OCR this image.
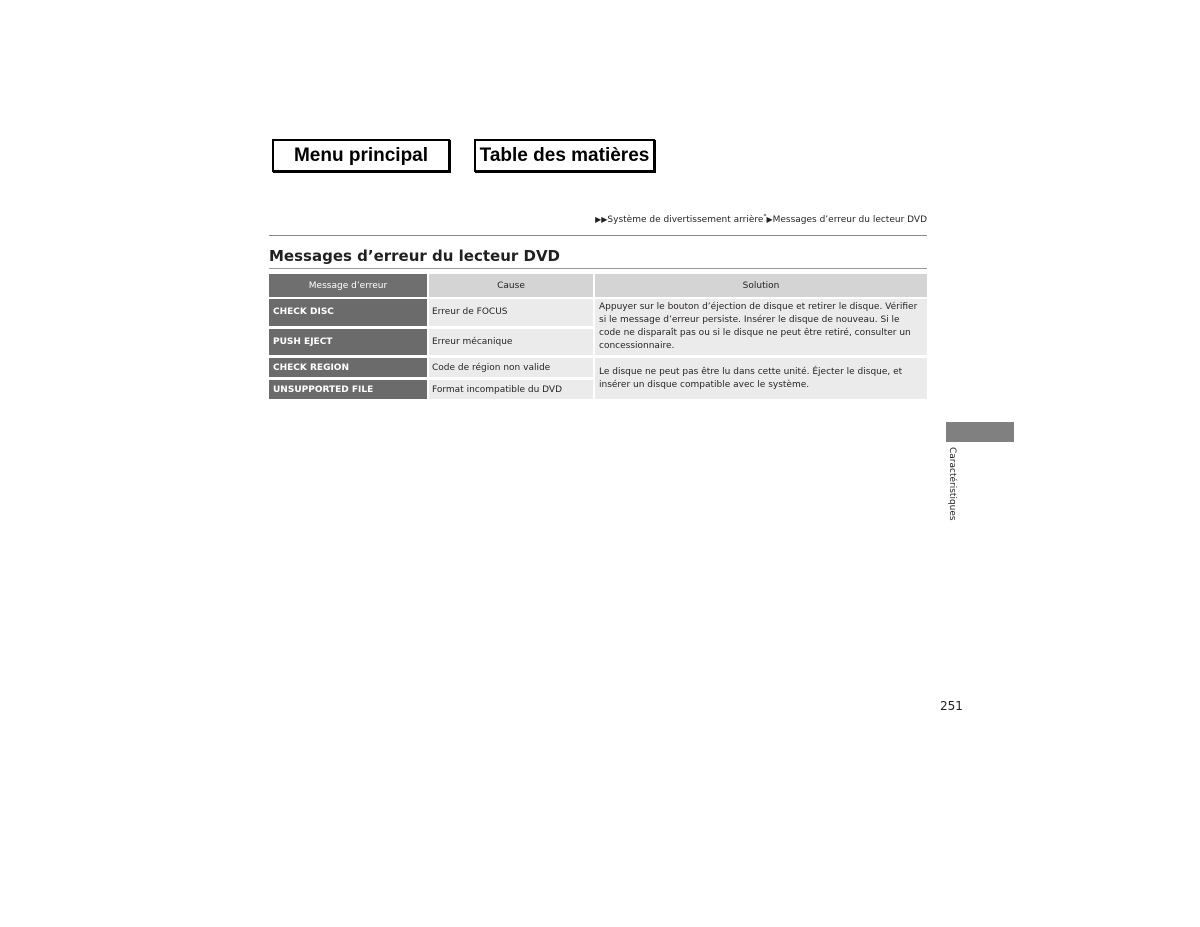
Menu principal	Table des matières
▶▶Système de divertissement arrière*▶Messages d’erreur du lecteur DVD
Messages d’erreur du lecteur DVD
Message d’erreur	Cause	Solution
CHECK DISC	Erreur de FOCUS	Appuyer sur le bouton d’éjection de disque et retirer le disque. Vérifier si le message d’erreur persiste. Insérer le disque de nouveau. Si le code ne disparaît pas ou si le disque ne peut être retiré, consulter un concessionnaire.
PUSH EJECT	Erreur mécanique	
CHECK REGION	Code de région non valide	Le disque ne peut pas être lu dans cette unité. Éjecter le disque, et insérer un disque compatible avec le système.
UNSUPPORTED FILE	Format incompatible du DVD	
Caractéristiques
251
